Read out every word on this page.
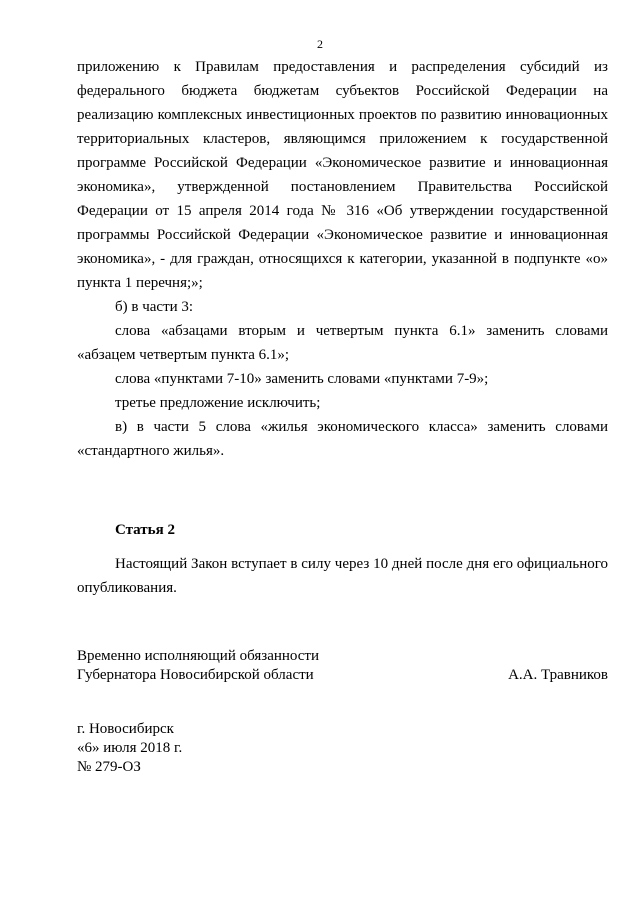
2

приложению к Правилам предоставления и распределения субсидий из федерального бюджета бюджетам субъектов Российской Федерации на реализацию комплексных инвестиционных проектов по развитию инновационных территориальных кластеров, являющимся приложением к государственной программе Российской Федерации «Экономическое развитие и инновационная экономика», утвержденной постановлением Правительства Российской Федерации от 15 апреля 2014 года № 316 «Об утверждении государственной программы Российской Федерации «Экономическое развитие и инновационная экономика», - для граждан, относящихся к категории, указанной в подпункте «о» пункта 1 перечня;»;

б) в части 3:

слова «абзацами вторым и четвертым пункта 6.1» заменить словами «абзацем четвертым пункта 6.1»;

слова «пунктами 7-10» заменить словами «пунктами 7-9»;

третье предложение исключить;

в) в части 5 слова «жилья экономического класса» заменить словами «стандартного жилья».

Статья 2

Настоящий Закон вступает в силу через 10 дней после дня его официального опубликования.

Временно исполняющий обязанности
Губернатора Новосибирской области	А.А. Травников
г. Новосибирск
«6» июля 2018 г.
№ 279-ОЗ
